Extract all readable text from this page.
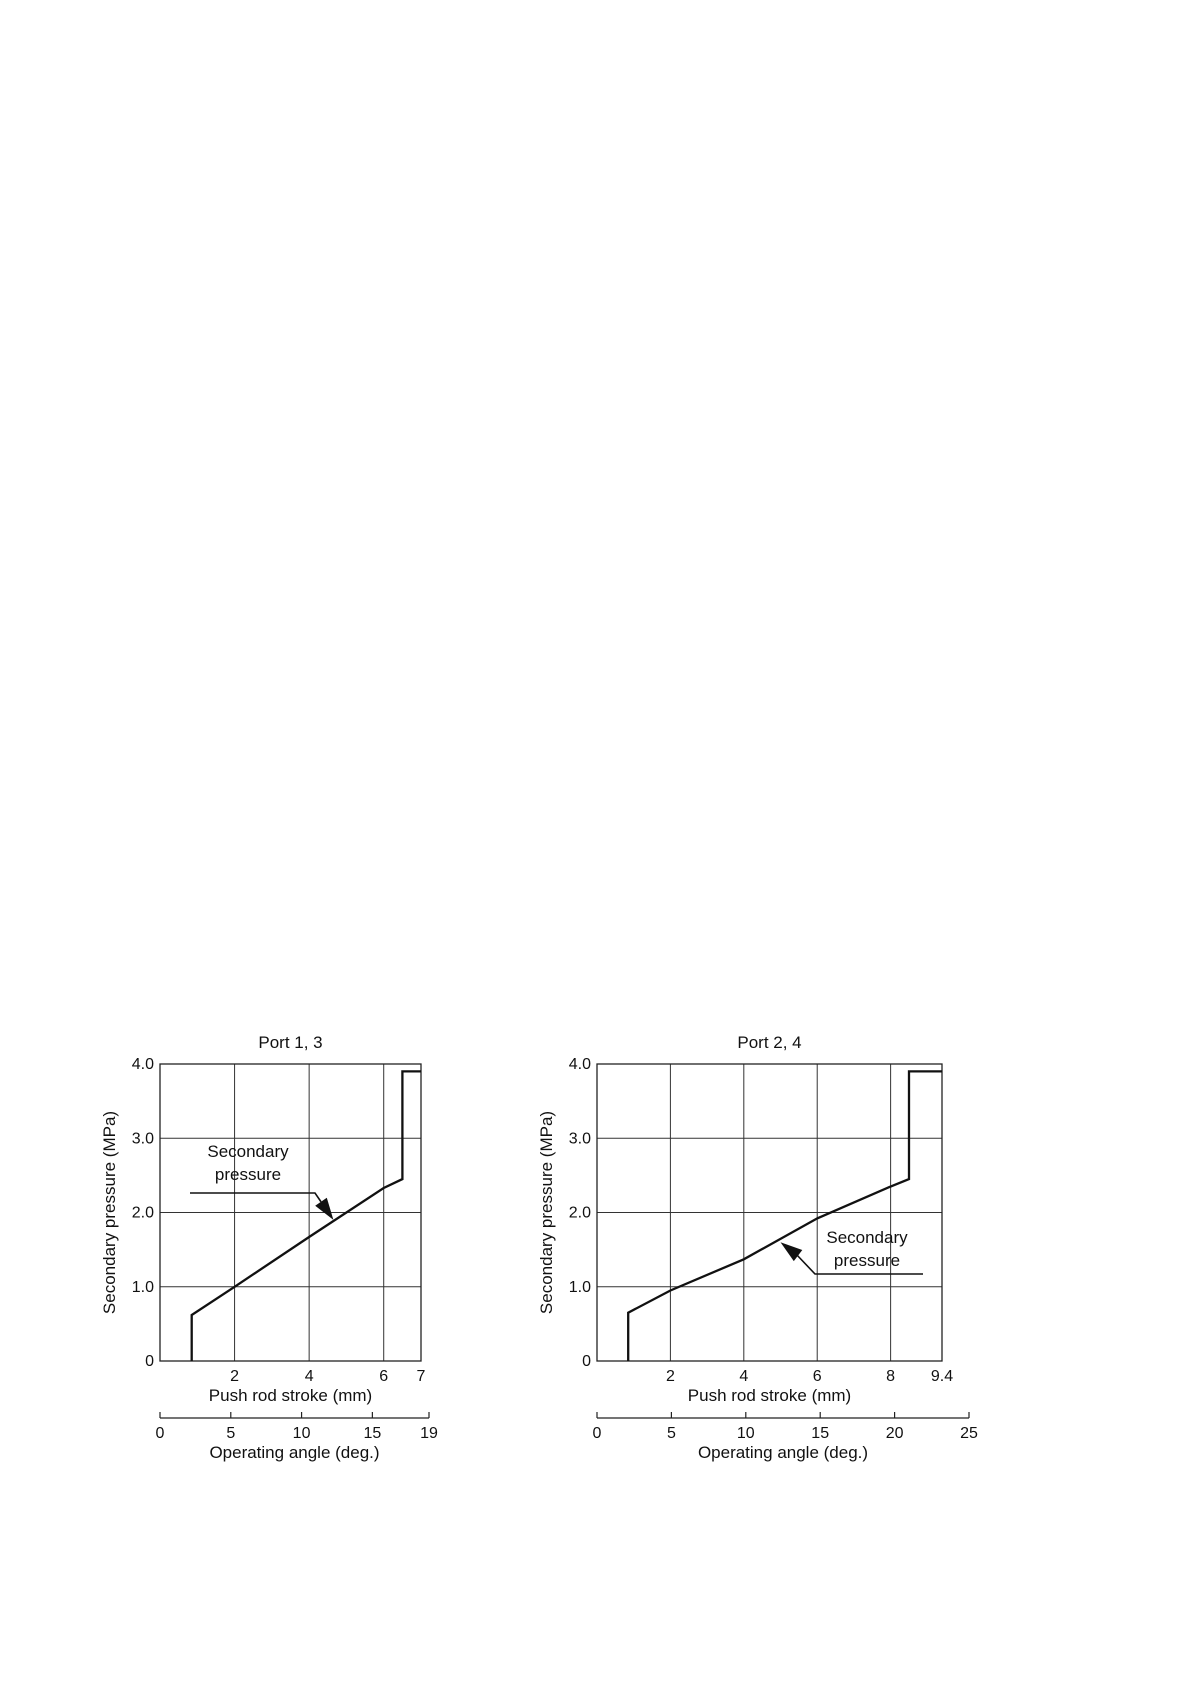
Port 1, 3
0
1.0
2.0
3.0
4.0
2	4	6 7
Push rod stroke (mm)
Secondary pressure (MPa)
0	5	10	15 19
Operating angle (deg.)
Secondary
pressure
Port 2, 4
0
1.0
2.0
3.0
4.0
2	4	6	8 9.4
Push rod stroke (mm)
Secondary pressure (MPa)
0	5	10	15	20	25
Operating angle (deg.)
Secondary
pressure
